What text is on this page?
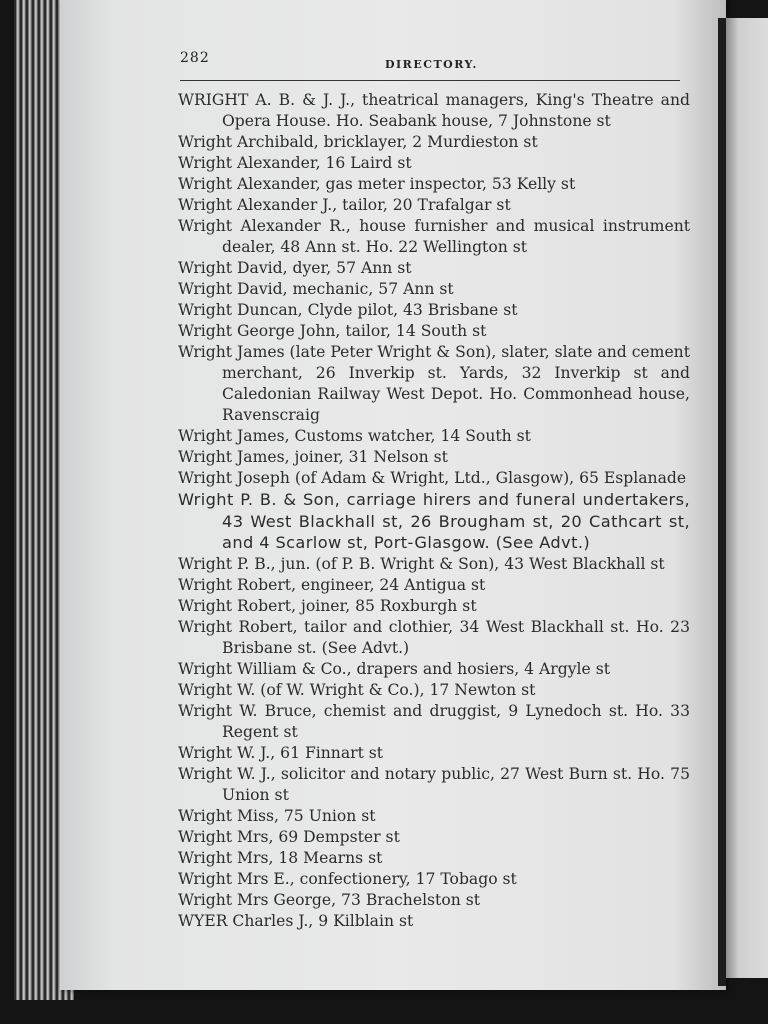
282	DIRECTORY.
WRIGHT A. B. & J. J., theatrical managers, King's Theatre and Opera House. Ho. Seabank house, 7 Johnstone st
Wright Archibald, bricklayer, 2 Murdieston st
Wright Alexander, 16 Laird st
Wright Alexander, gas meter inspector, 53 Kelly st
Wright Alexander J., tailor, 20 Trafalgar st
Wright Alexander R., house furnisher and musical instrument dealer, 48 Ann st. Ho. 22 Wellington st
Wright David, dyer, 57 Ann st
Wright David, mechanic, 57 Ann st
Wright Duncan, Clyde pilot, 43 Brisbane st
Wright George John, tailor, 14 South st
Wright James (late Peter Wright & Son), slater, slate and cement merchant, 26 Inverkip st. Yards, 32 Inverkip st and Caledonian Railway West Depot. Ho. Commonhead house, Ravenscraig
Wright James, Customs watcher, 14 South st
Wright James, joiner, 31 Nelson st
Wright Joseph (of Adam & Wright, Ltd., Glasgow), 65 Esplanade
Wright P. B. & Son, carriage hirers and funeral undertakers, 43 West Blackhall st, 26 Brougham st, 20 Cathcart st, and 4 Scarlow st, Port-Glasgow. (See Advt.)
Wright P. B., jun. (of P. B. Wright & Son), 43 West Blackhall st
Wright Robert, engineer, 24 Antigua st
Wright Robert, joiner, 85 Roxburgh st
Wright Robert, tailor and clothier, 34 West Blackhall st. Ho. 23 Brisbane st. (See Advt.)
Wright William & Co., drapers and hosiers, 4 Argyle st
Wright W. (of W. Wright & Co.), 17 Newton st
Wright W. Bruce, chemist and druggist, 9 Lynedoch st. Ho. 33 Regent st
Wright W. J., 61 Finnart st
Wright W. J., solicitor and notary public, 27 West Burn st. Ho. 75 Union st
Wright Miss, 75 Union st
Wright Mrs, 69 Dempster st
Wright Mrs, 18 Mearns st
Wright Mrs E., confectionery, 17 Tobago st
Wright Mrs George, 73 Brachelston st
WYER Charles J., 9 Kilblain st
